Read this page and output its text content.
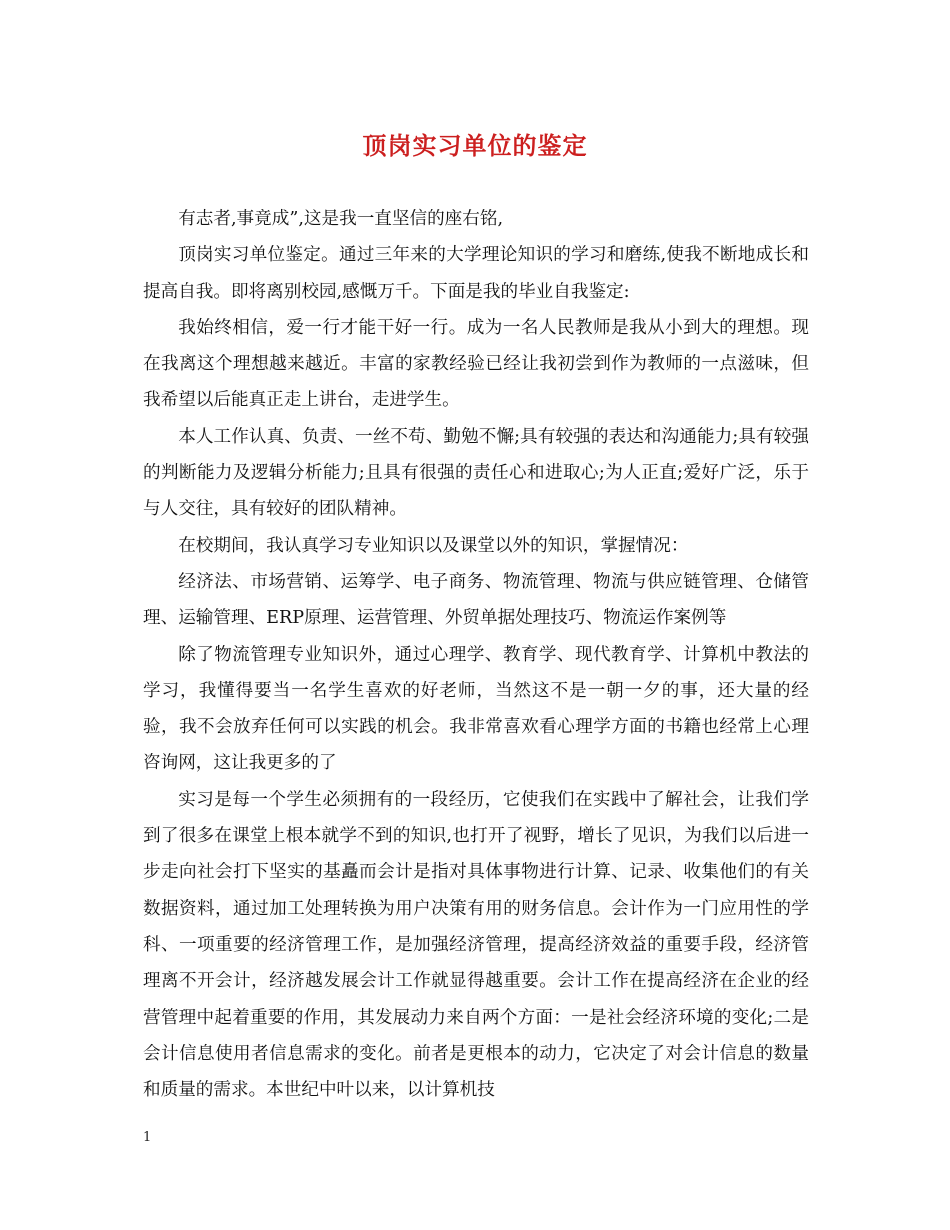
顶岗实习单位的鉴定

有志者,事竟成”,这是我一直坚信的座右铭,

顶岗实习单位鉴定。通过三年来的大学理论知识的学习和磨练,使我不断地成长和提高自我。即将离别校园,感慨万千。下面是我的毕业自我鉴定:

我始终相信，爱一行才能干好一行。成为一名人民教师是我从小到大的理想。现在我离这个理想越来越近。丰富的家教经验已经让我初尝到作为教师的一点滋味，但我希望以后能真正走上讲台，走进学生。

本人工作认真、负责、一丝不苟、勤勉不懈;具有较强的表达和沟通能力;具有较强的判断能力及逻辑分析能力;且具有很强的责任心和进取心;为人正直;爱好广泛，乐于与人交往，具有较好的团队精神。

在校期间，我认真学习专业知识以及课堂以外的知识，掌握情况：

经济法、市场营销、运筹学、电子商务、物流管理、物流与供应链管理、仓储管理、运输管理、ERP原理、运营管理、外贸单据处理技巧、物流运作案例等

除了物流管理专业知识外，通过心理学、教育学、现代教育学、计算机中教法的学习，我懂得要当一名学生喜欢的好老师，当然这不是一朝一夕的事，还大量的经验，我不会放弃任何可以实践的机会。我非常喜欢看心理学方面的书籍也经常上心理咨询网，这让我更多的了

实习是每一个学生必须拥有的一段经历，它使我们在实践中了解社会，让我们学到了很多在课堂上根本就学不到的知识,也打开了视野，增长了见识，为我们以后进一步走向社会打下坚实的基矗而会计是指对具体事物进行计算、记录、收集他们的有关数据资料，通过加工处理转换为用户决策有用的财务信息。会计作为一门应用性的学科、一项重要的经济管理工作，是加强经济管理，提高经济效益的重要手段，经济管理离不开会计，经济越发展会计工作就显得越重要。会计工作在提高经济在企业的经营管理中起着重要的作用，其发展动力来自两个方面：一是社会经济环境的变化;二是会计信息使用者信息需求的变化。前者是更根本的动力，它决定了对会计信息的数量和质量的需求。本世纪中叶以来，以计算机技

1
